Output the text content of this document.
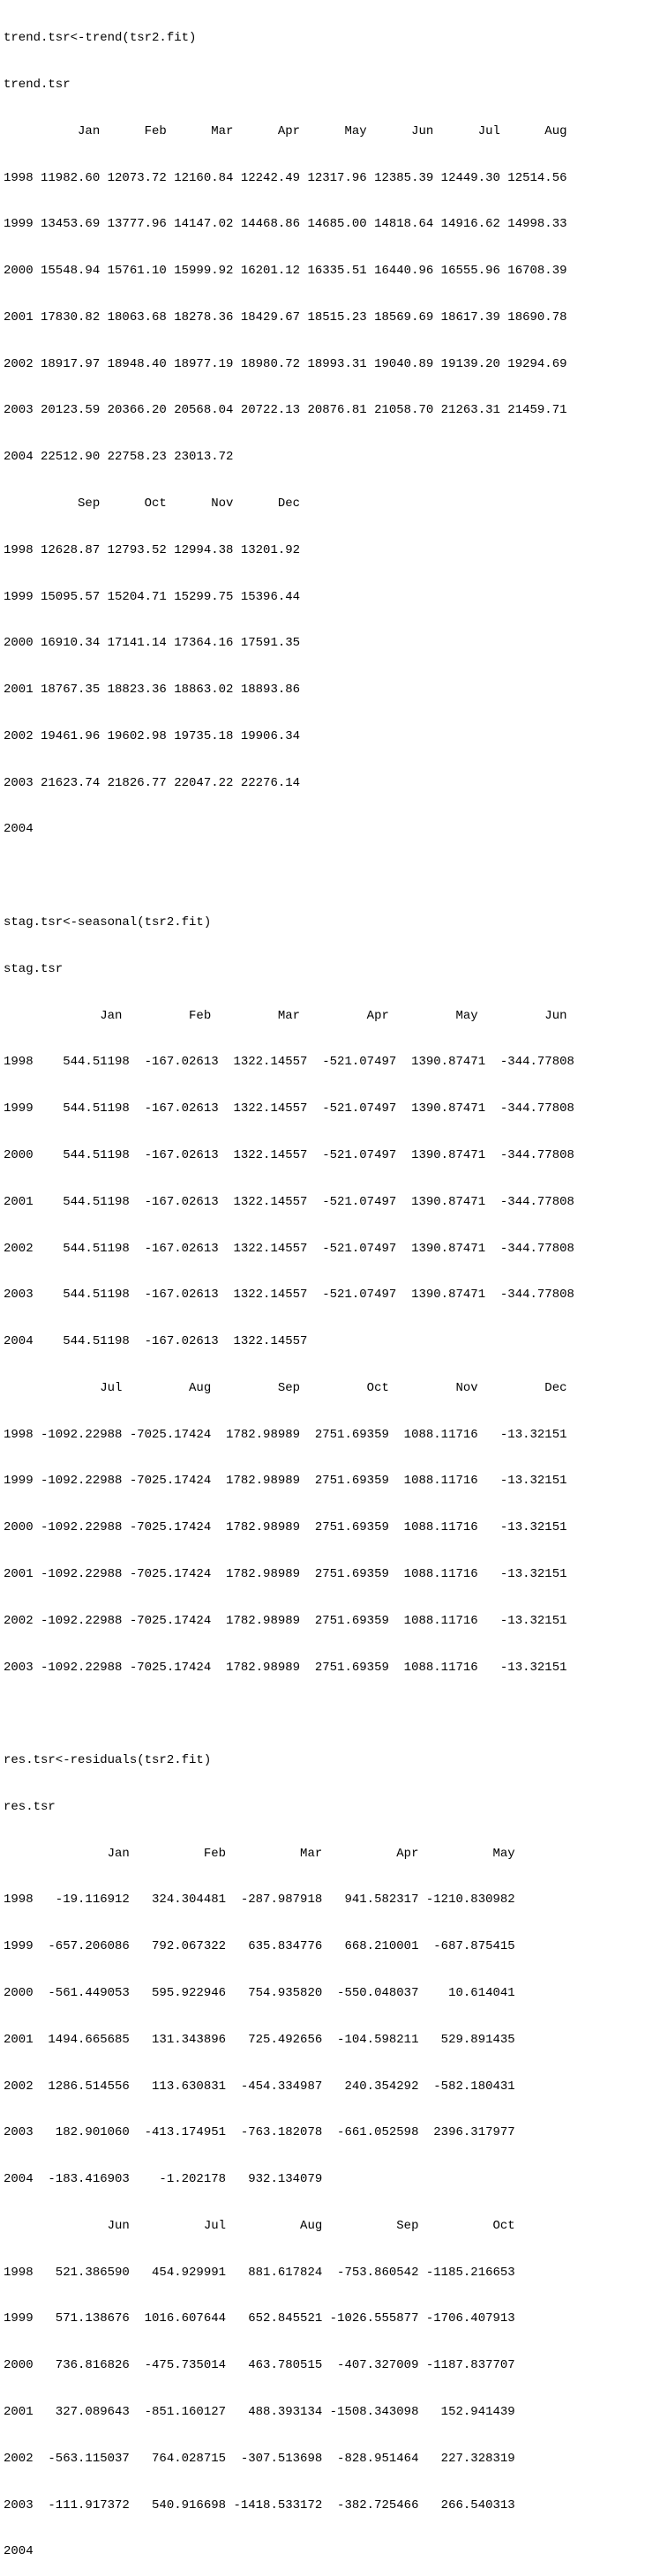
trend.tsr<-trend(tsr2.fit)

trend.tsr

Jan      Feb      Mar      Apr      May      Jun      Jul      Aug

1998 11982.60 12073.72 12160.84 12242.49 12317.96 12385.39 12449.30 12514.56

1999 13453.69 13777.96 14147.02 14468.86 14685.00 14818.64 14916.62 14998.33

2000 15548.94 15761.10 15999.92 16201.12 16335.51 16440.96 16555.96 16708.39

2001 17830.82 18063.68 18278.36 18429.67 18515.23 18569.69 18617.39 18690.78

2002 18917.97 18948.40 18977.19 18980.72 18993.31 19040.89 19139.20 19294.69

2003 20123.59 20366.20 20568.04 20722.13 20876.81 21058.70 21263.31 21459.71

2004 22512.90 22758.23 23013.72

Sep      Oct      Nov      Dec

1998 12628.87 12793.52 12994.38 13201.92

1999 15095.57 15204.71 15299.75 15396.44

2000 16910.34 17141.14 17364.16 17591.35

2001 18767.35 18823.36 18863.02 18893.86

2002 19461.96 19602.98 19735.18 19906.34

2003 21623.74 21826.77 22047.22 22276.14

2004

stag.tsr<-seasonal(tsr2.fit)

stag.tsr

Jan         Feb         Mar         Apr         May         Jun

1998    544.51198  -167.02613  1322.14557  -521.07497  1390.87471  -344.77808

1999    544.51198  -167.02613  1322.14557  -521.07497  1390.87471  -344.77808

2000    544.51198  -167.02613  1322.14557  -521.07497  1390.87471  -344.77808

2001    544.51198  -167.02613  1322.14557  -521.07497  1390.87471  -344.77808

2002    544.51198  -167.02613  1322.14557  -521.07497  1390.87471  -344.77808

2003    544.51198  -167.02613  1322.14557  -521.07497  1390.87471  -344.77808

2004    544.51198  -167.02613  1322.14557

Jul         Aug         Sep         Oct         Nov         Dec

1998 -1092.22988 -7025.17424  1782.98989  2751.69359  1088.11716   -13.32151

1999 -1092.22988 -7025.17424  1782.98989  2751.69359  1088.11716   -13.32151

2000 -1092.22988 -7025.17424  1782.98989  2751.69359  1088.11716   -13.32151

2001 -1092.22988 -7025.17424  1782.98989  2751.69359  1088.11716   -13.32151

2002 -1092.22988 -7025.17424  1782.98989  2751.69359  1088.11716   -13.32151

2003 -1092.22988 -7025.17424  1782.98989  2751.69359  1088.11716   -13.32151

res.tsr<-residuals(tsr2.fit)

res.tsr

Jan          Feb          Mar          Apr          May

1998   -19.116912   324.304481  -287.987918   941.582317 -1210.830982

1999  -657.206086   792.067322   635.834776   668.210001  -687.875415

2000  -561.449053   595.922946   754.935820  -550.048037    10.614041

2001  1494.665685   131.343896   725.492656  -104.598211   529.891435

2002  1286.514556   113.630831  -454.334987   240.354292  -582.180431

2003   182.901060  -413.174951  -763.182078  -661.052598  2396.317977

2004  -183.416903    -1.202178   932.134079

Jun          Jul          Aug          Sep          Oct

1998   521.386590   454.929991   881.617824  -753.860542 -1185.216653

1999   571.138676  1016.607644   652.845521 -1026.555877 -1706.407913

2000   736.816826  -475.735014   463.780515  -407.327009 -1187.837707

2001   327.089643  -851.160127   488.393134 -1508.343098   152.941439

2002  -563.115037   764.028715  -307.513698  -828.951464   227.328319

2003  -111.917372   540.916698 -1418.533172  -382.725466   266.540313

2004
